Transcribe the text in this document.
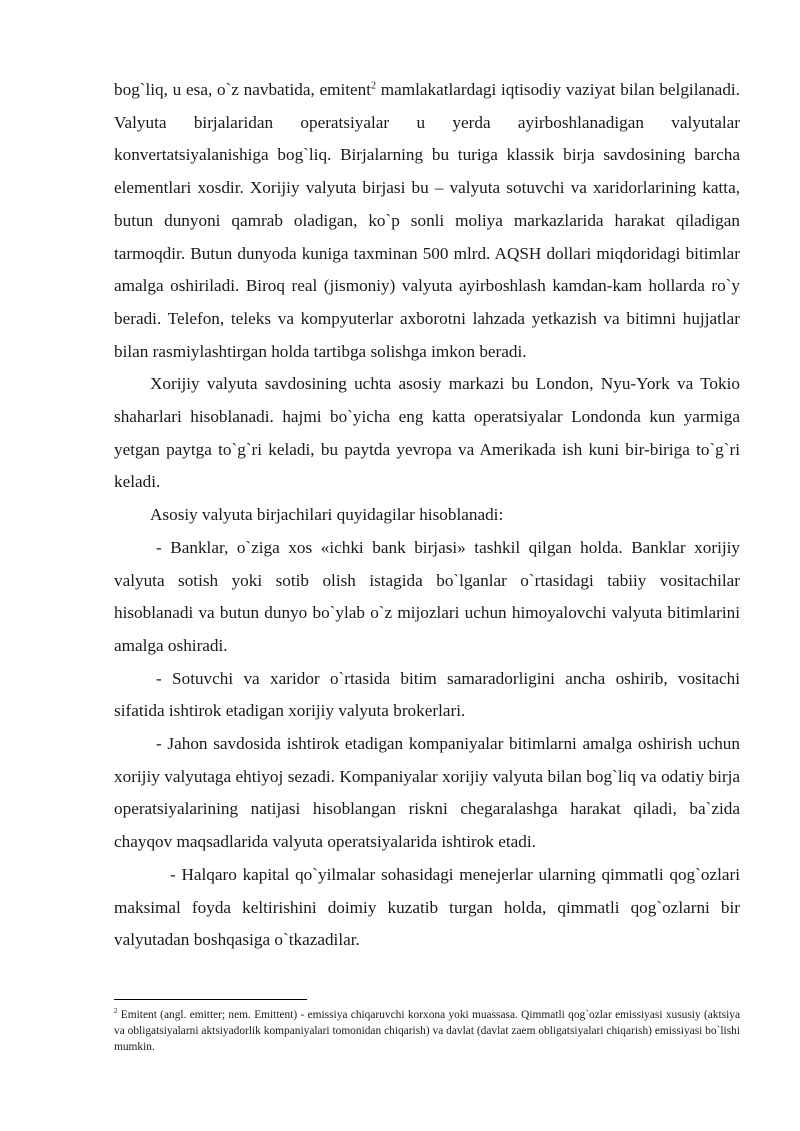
bog`liq, u esa, o`z navbatida, emitent$^2$ mamlakatlardagi iqtisodiy vaziyat bilan belgilanadi. Valyuta birjalaridan operatsiyalar u yerda ayirboshlanadigan valyutalar konvertatsiyalanishiga bog`liq. Birjalarning bu turiga klassik birja savdosining barcha elementlari xosdir. Xorijiy valyuta birjasi bu – valyuta sotuvchi va xaridorlarining katta, butun dunyoni qamrab oladigan, ko`p sonli moliya markazlarida harakat qiladigan tarmoqdir. Butun dunyoda kuniga taxminan 500 mlrd. AQSH dollari miqdoridagi bitimlar amalga oshiriladi. Biroq real (jismoniy) valyuta ayirboshlash kamdan-kam hollarda ro`y beradi. Telefon, teleks va kompyuterlar axborotni lahzada yetkazish va bitimni hujjatlar bilan rasmiylashtirgan holda tartibga solishga imkon beradi.

Xorijiy valyuta savdosining uchta asosiy markazi bu London, Nyu-York va Tokio shaharlari hisoblanadi. hajmi bo`yicha eng katta operatsiyalar Londonda kun yarmiga yetgan paytga to`g`ri keladi, bu paytda yevropa va Amerikada ish kuni bir-biriga to`g`ri keladi.

Asosiy valyuta birjachilari quyidagilar hisoblanadi:

- Banklar, o`ziga xos «ichki bank birjasi» tashkil qilgan holda. Banklar xorijiy valyuta sotish yoki sotib olish istagida bo`lganlar o`rtasidagi tabiiy vositachilar hisoblanadi va butun dunyo bo`ylab o`z mijozlari uchun himoyalovchi valyuta bitimlarini amalga oshiradi.

- Sotuvchi va xaridor o`rtasida bitim samaradorligini ancha oshirib, vositachi sifatida ishtirok etadigan xorijiy valyuta brokerlari.

- Jahon savdosida ishtirok etadigan kompaniyalar bitimlarni amalga oshirish uchun xorijiy valyutaga ehtiyoj sezadi. Kompaniyalar xorijiy valyuta bilan bog`liq va odatiy birja operatsiyalarining natijasi hisoblangan riskni chegaralashga harakat qiladi, ba`zida chayqov maqsadlarida valyuta operatsiyalarida ishtirok etadi.

- Halqaro kapital qo`yilmalar sohasidagi menejerlar ularning qimmatli qog`ozlari maksimal foyda keltirishini doimiy kuzatib turgan holda, qimmatli qog`ozlarni bir valyutadan boshqasiga o`tkazadilar.

$^2$ Emitent (angl. emitter; nem. Emittent) - emissiya chiqaruvchi korxona yoki muassasa. Qimmatli qog`ozlar emissiyasi xususiy (aktsiya va obligatsiyalarni aktsiyadorlik kompaniyalari tomonidan chiqarish) va davlat (davlat zaem obligatsiyalari chiqarish) emissiyasi bo`lishi mumkin.
